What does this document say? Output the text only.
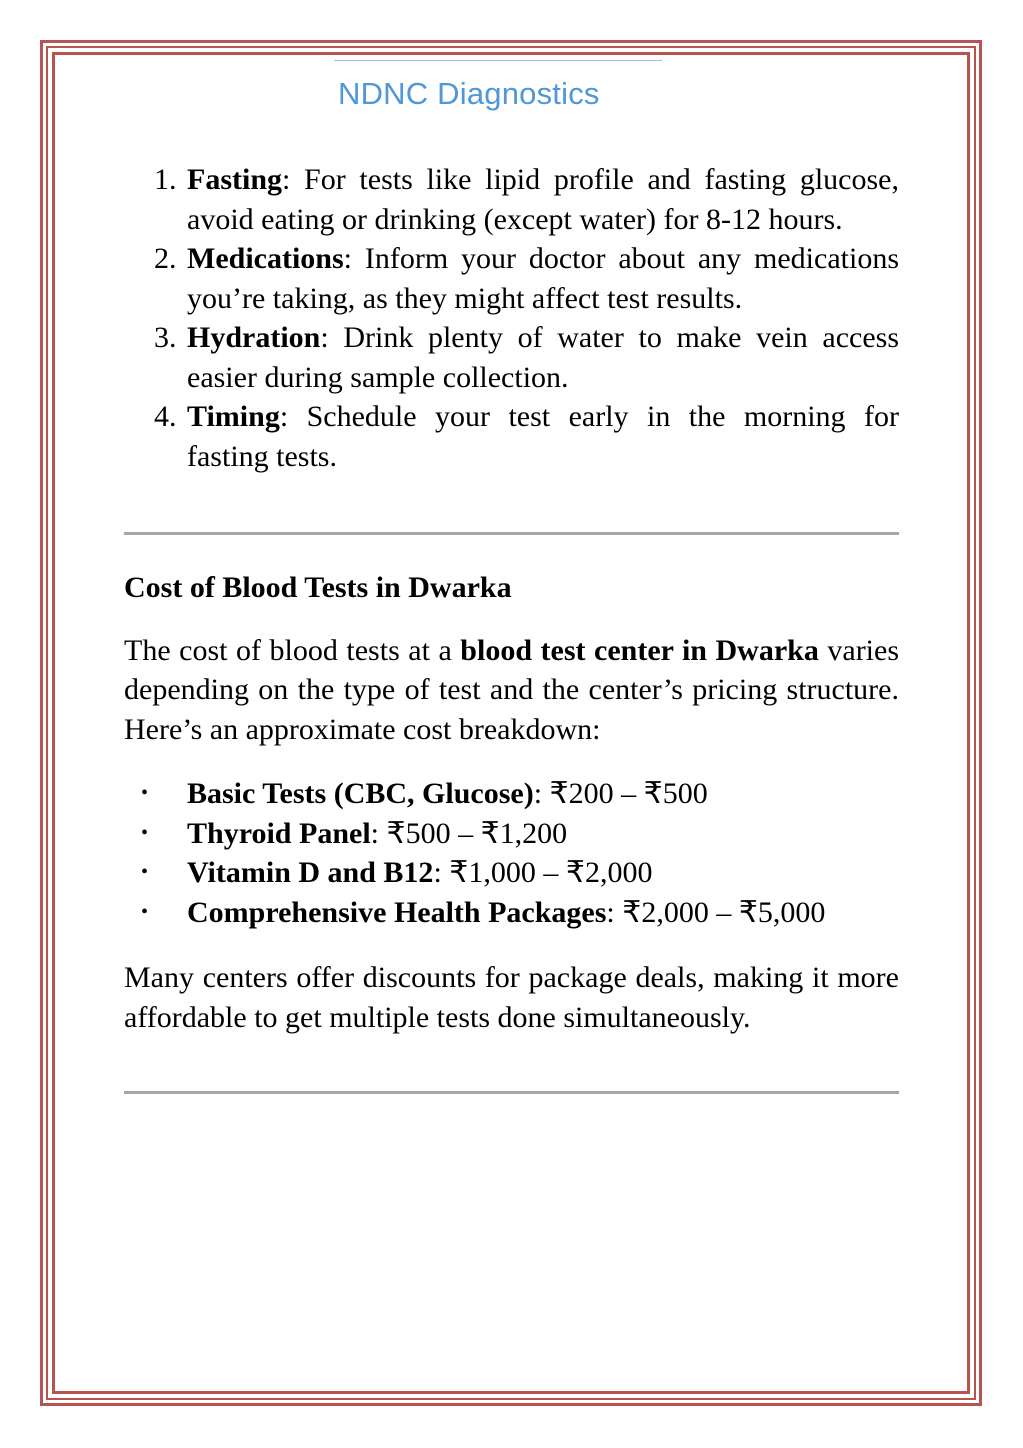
NDNC Diagnostics
1. Fasting: For tests like lipid profile and fasting glucose, avoid eating or drinking (except water) for 8-12 hours.
2. Medications: Inform your doctor about any medications you’re taking, as they might affect test results.
3. Hydration: Drink plenty of water to make vein access easier during sample collection.
4. Timing: Schedule your test early in the morning for fasting tests.
Cost of Blood Tests in Dwarka

The cost of blood tests at a blood test center in Dwarka varies depending on the type of test and the center’s pricing structure. Here’s an approximate cost breakdown:

• Basic Tests (CBC, Glucose): ₹200 – ₹500
• Thyroid Panel: ₹500 – ₹1,200
• Vitamin D and B12: ₹1,000 – ₹2,000
• Comprehensive Health Packages: ₹2,000 – ₹5,000

Many centers offer discounts for package deals, making it more affordable to get multiple tests done simultaneously.
